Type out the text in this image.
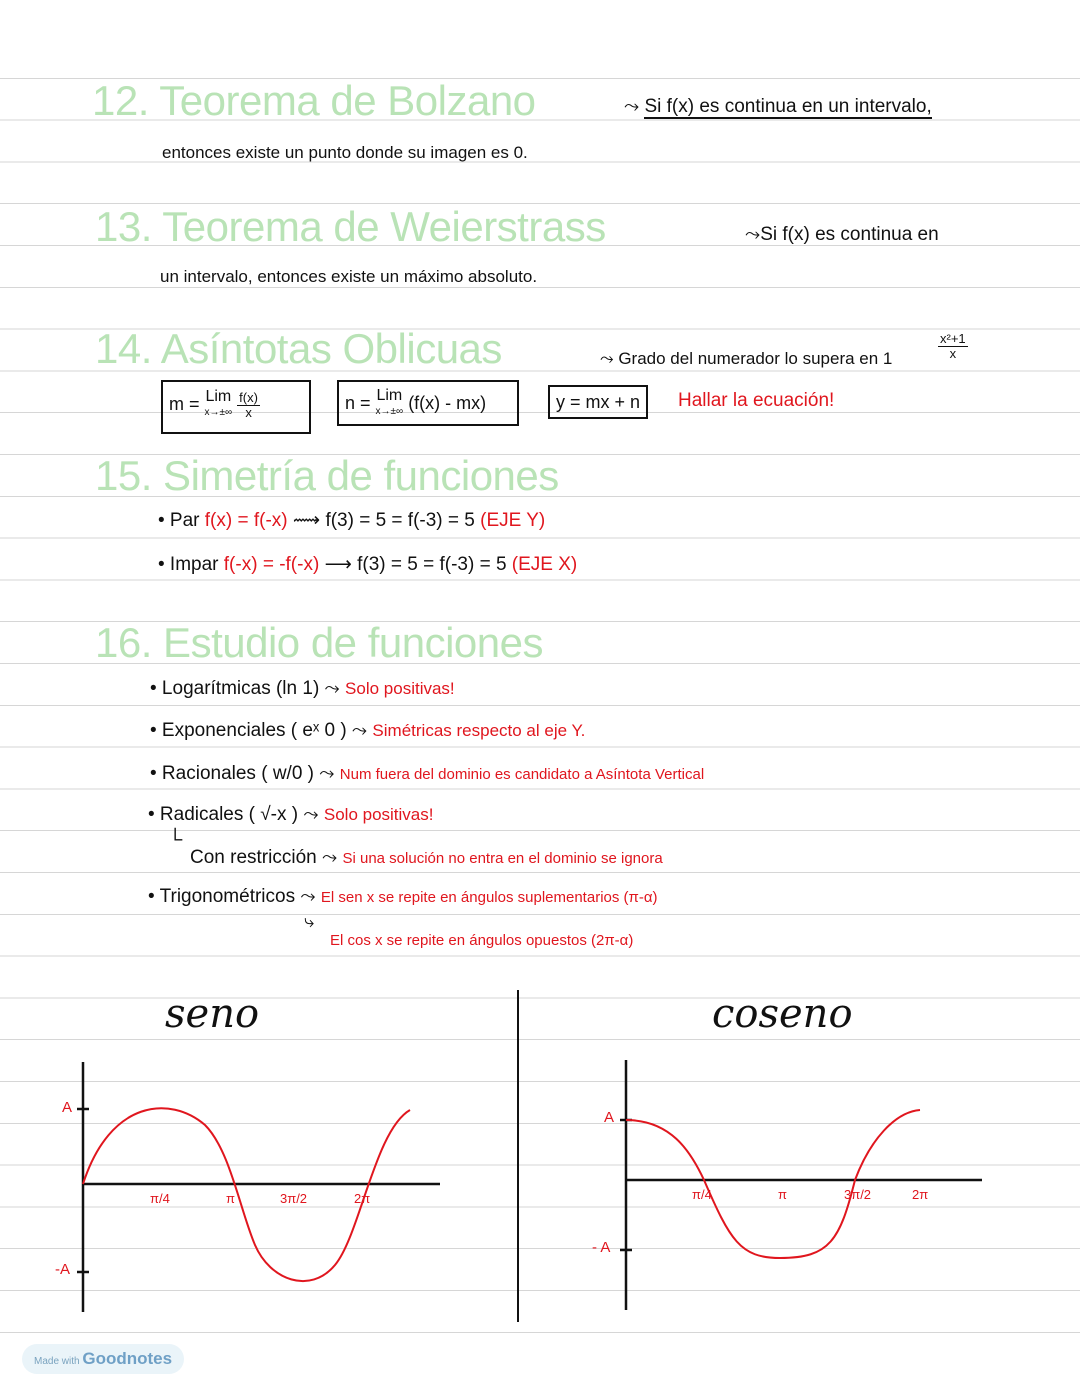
12. Teorema de Bolzano	⤳ Si f(x) es continua en un intervalo,
entonces existe un punto donde su imagen es 0.
13. Teorema de Weierstrass	⤳Si f(x) es continua en
un intervalo, entonces existe un máximo absoluto.
14. Asíntotas Oblicuas	⤳ Grado del numerador lo supera en 1	$\frac{\text{x²+1}}{x}$
m = Lim
$x\to\pm\infty \frac{f(x)}{x}$	n = Lim
x→±∞ (f(x) - mx)	y = mx + n	Hallar la ecuación!
15. Simetría de funciones
• Par f(x) = f(-x) ⟿ f(3) = 5 = f(-3) = 5 (EJE Y)
• Impar f(-x) = -f(-x) ⟶ f(3) = 5 = f(-3) = 5 (EJE X)
16. Estudio de funciones
• Logarítmicas (ln 1) ⤳ Solo positivas!
• Exponenciales ( eˣ 0 ) ⤳ Simétricas respecto al eje Y.
• Racionales ( w/0 ) ⤳ Num fuera del dominio es candidato a Asíntota Vertical
• Radicales ( √-x ) ⤳ Solo positivas!
└
Con restricción ⤳ Si una solución no entra en el dominio se ignora
• Trigonométricos ⤳ El sen x se repite en ángulos suplementarios (π-α)
⤷
El cos x se repite en ángulos opuestos (2π-α)
seno	coseno
A
-A
π/4	π	3π/2	2π
A
- A
π/4	π	3π/2	2π
Made with Goodnotes
